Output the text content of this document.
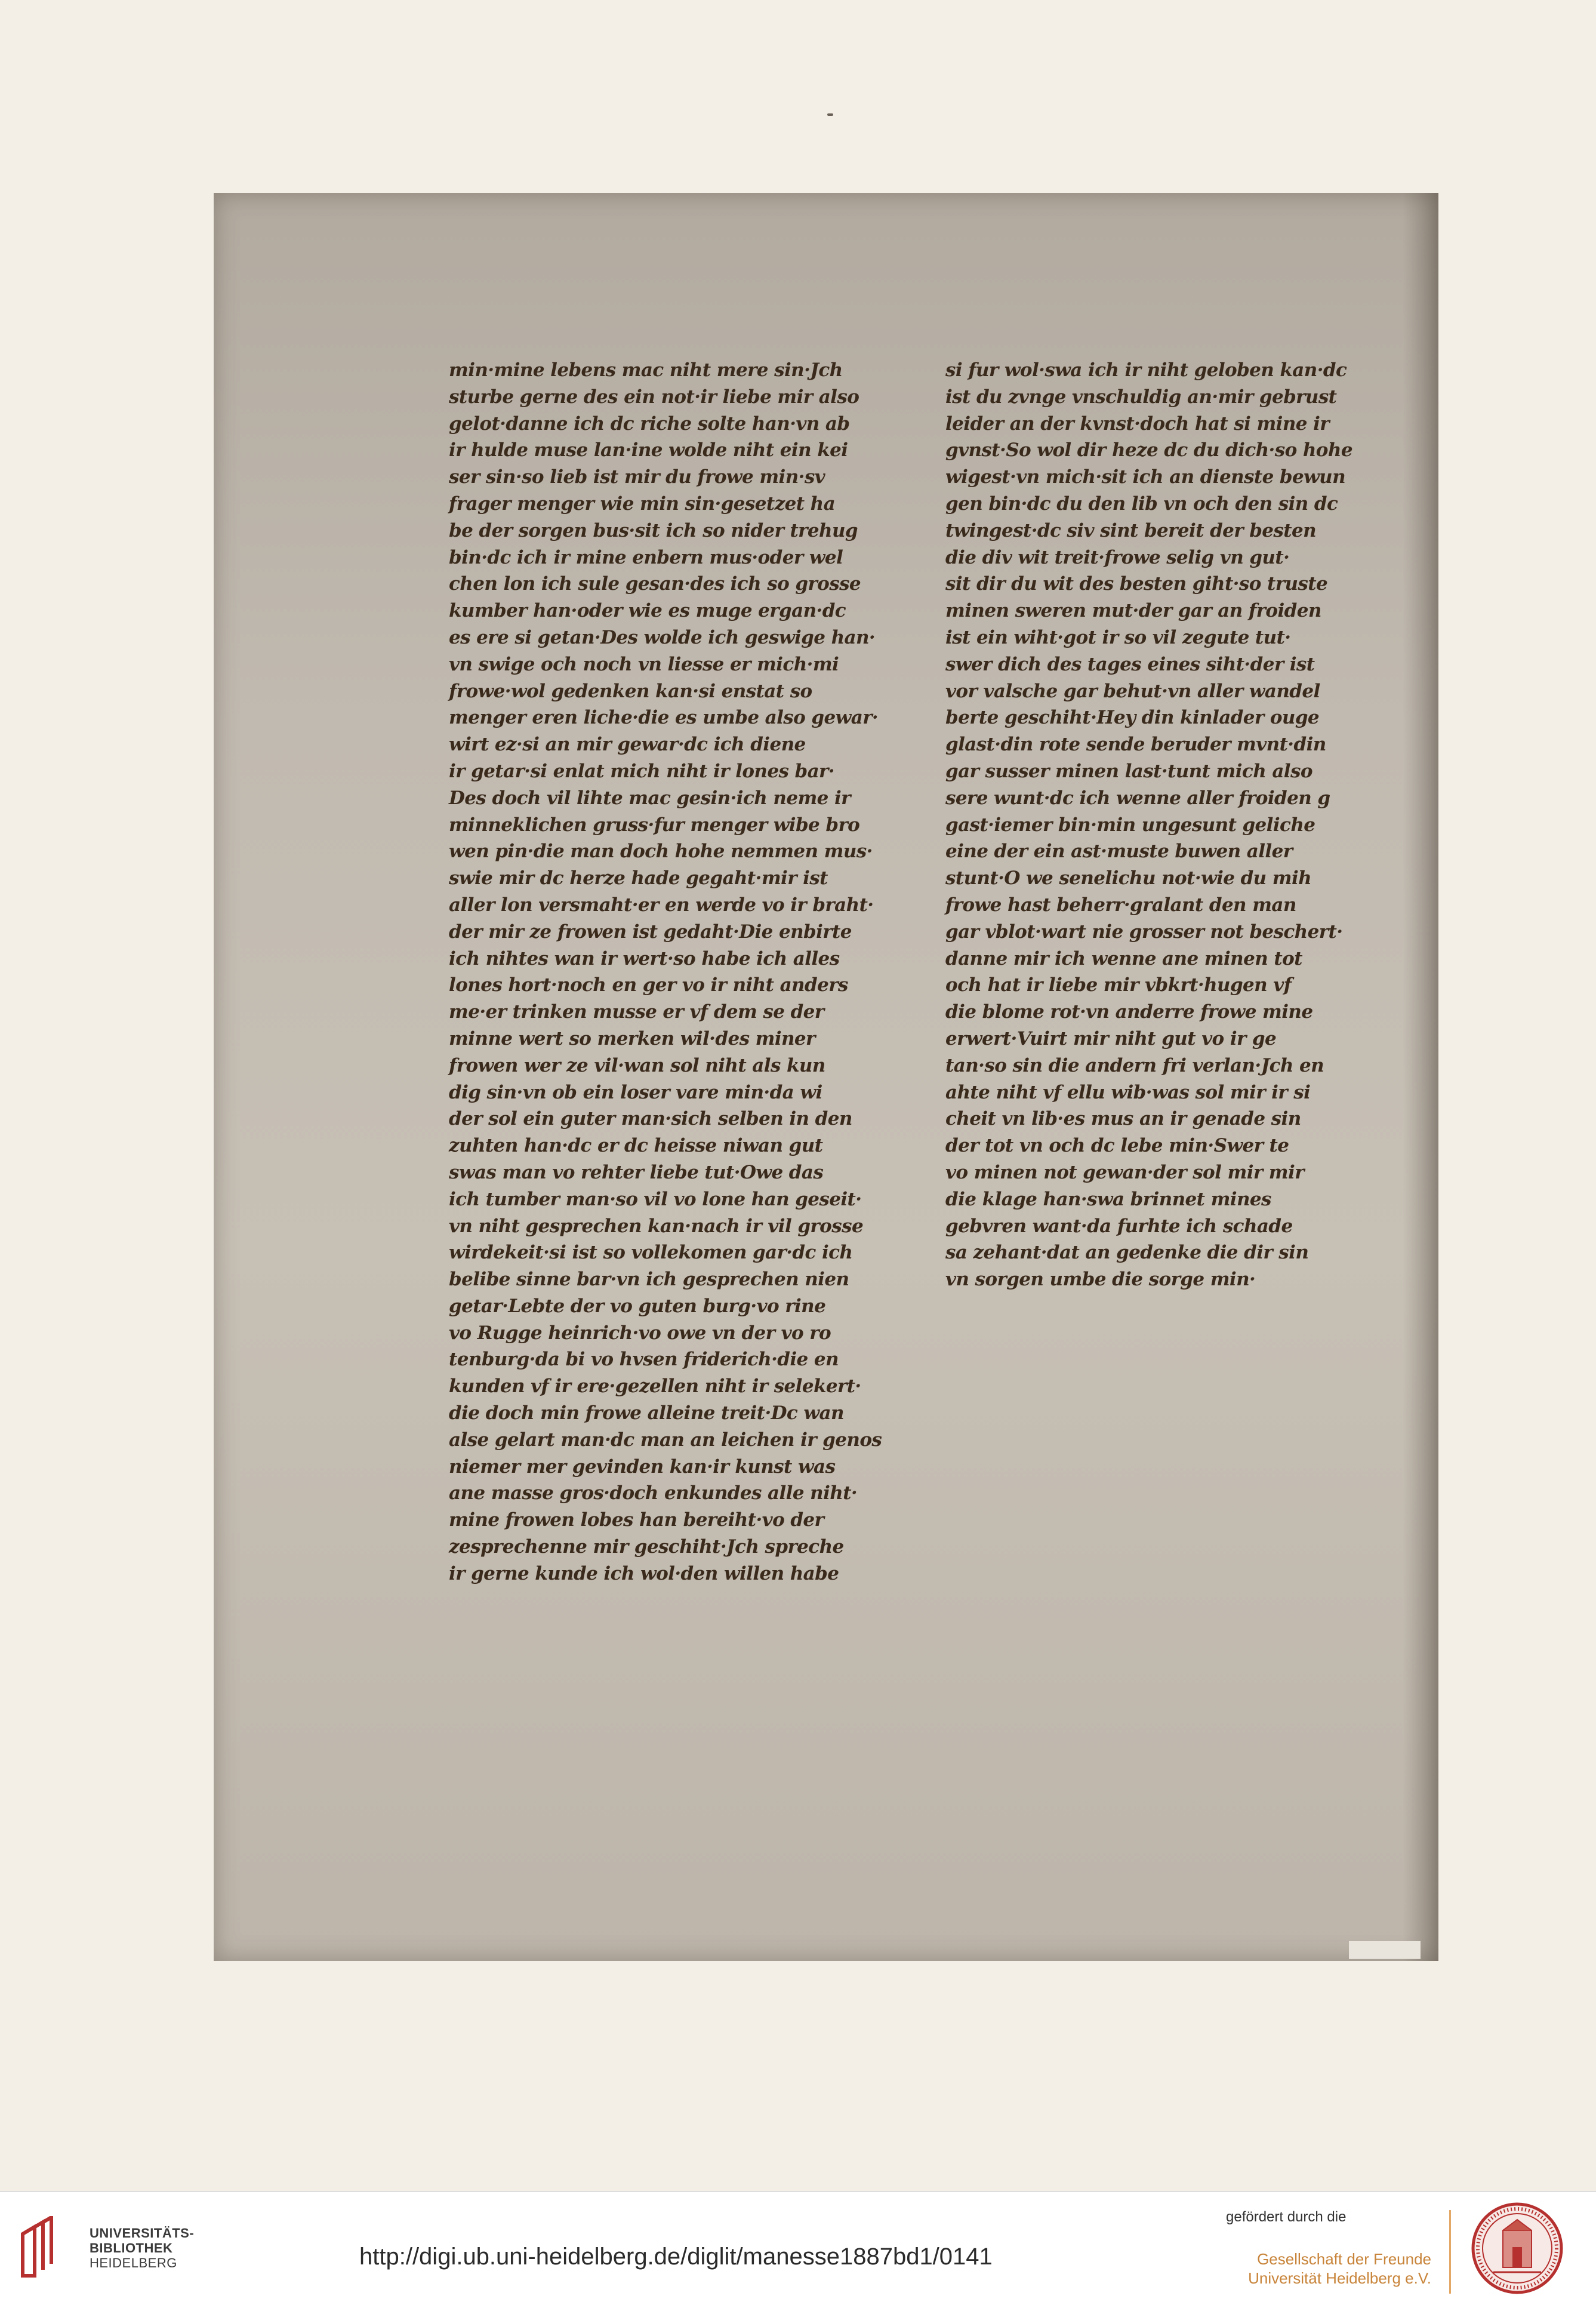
min·mine lebens mac niht mere sin·Jch
sturbe gerne des ein not·ir liebe mir also
gelot·danne ich dc riche solte han·vn ab
ir hulde muse lan·ine wolde niht ein kei
ser sin·so lieb ist mir du frowe min·sv
frager menger wie min sin·gesetzet ha
be der sorgen bus·sit ich so nider trehug
bin·dc ich ir mine enbern mus·oder wel
chen lon ich sule gesan·des ich so grosse
kumber han·oder wie es muge ergan·dc
es ere si getan·Des wolde ich geswige han·
vn swige och noch vn liesse er mich·mi
frowe·wol gedenken kan·si enstat so
menger eren liche·die es umbe also gewar·
wirt ez·si an mir gewar·dc ich diene
ir getar·si enlat mich niht ir lones bar·
Des doch vil lihte mac gesin·ich neme ir
minneklichen gruss·fur menger wibe bro
wen pin·die man doch hohe nemmen mus·
swie mir dc herze hade gegaht·mir ist
aller lon versmaht·er en werde vo ir braht·
der mir ze frowen ist gedaht·Die enbirte
ich nihtes wan ir wert·so habe ich alles
lones hort·noch en ger vo ir niht anders
me·er trinken musse er vf dem se der
minne wert so merken wil·des miner
frowen wer ze vil·wan sol niht als kun
dig sin·vn ob ein loser vare min·da wi
der sol ein guter man·sich selben in den
zuhten han·dc er dc heisse niwan gut
swas man vo rehter liebe tut·Owe das
ich tumber man·so vil vo lone han geseit·
vn niht gesprechen kan·nach ir vil grosse
wirdekeit·si ist so vollekomen gar·dc ich
belibe sinne bar·vn ich gesprechen nien
getar·Lebte der vo guten burg·vo rine
vo Rugge heinrich·vo owe vn der vo ro
tenburg·da bi vo hvsen friderich·die en
kunden vf ir ere·gezellen niht ir selekert·
die doch min frowe alleine treit·Dc wan
alse gelart man·dc man an leichen ir genos
niemer mer gevinden kan·ir kunst was
ane masse gros·doch enkundes alle niht·
mine frowen lobes han bereiht·vo der
zesprechenne mir geschiht·Jch spreche
ir gerne kunde ich wol·den willen habe
si fur wol·swa ich ir niht geloben kan·dc
ist du zvnge vnschuldig an·mir gebrust
leider an der kvnst·doch hat si mine ir
gvnst·So wol dir heze dc du dich·so hohe
wigest·vn mich·sit ich an dienste bewun
gen bin·dc du den lib vn och den sin dc
twingest·dc siv sint bereit der besten
die div wit treit·frowe selig vn gut·
sit dir du wit des besten giht·so truste
minen sweren mut·der gar an froiden
ist ein wiht·got ir so vil zegute tut·
swer dich des tages eines siht·der ist
vor valsche gar behut·vn aller wandel
berte geschiht·Hey din kinlader ouge
glast·din rote sende beruder mvnt·din
gar susser minen last·tunt mich also
sere wunt·dc ich wenne aller froiden g
gast·iemer bin·min ungesunt geliche
eine der ein ast·muste buwen aller
stunt·O we senelichu not·wie du mih
frowe hast beherr·gralant den man
gar vblot·wart nie grosser not beschert·
danne mir ich wenne ane minen tot
och hat ir liebe mir vbkrt·hugen vf
die blome rot·vn anderre frowe mine
erwert·Vuirt mir niht gut vo ir ge
tan·so sin die andern fri verlan·Jch en
ahte niht vf ellu wib·was sol mir ir si
cheit vn lib·es mus an ir genade sin
der tot vn och dc lebe min·Swer te
vo minen not gewan·der sol mir mir
die klage han·swa brinnet mines
gebvren want·da furhte ich schade
sa zehant·dat an gedenke die dir sin
vn sorgen umbe die sorge min·
UNIVERSITÄTS-
BIBLIOTHEK
HEIDELBERG	http://digi.ub.uni-heidelberg.de/diglit/manesse1887bd1/0141
gefördert durch die
Gesellschaft der Freunde
Universität Heidelberg e.V.
